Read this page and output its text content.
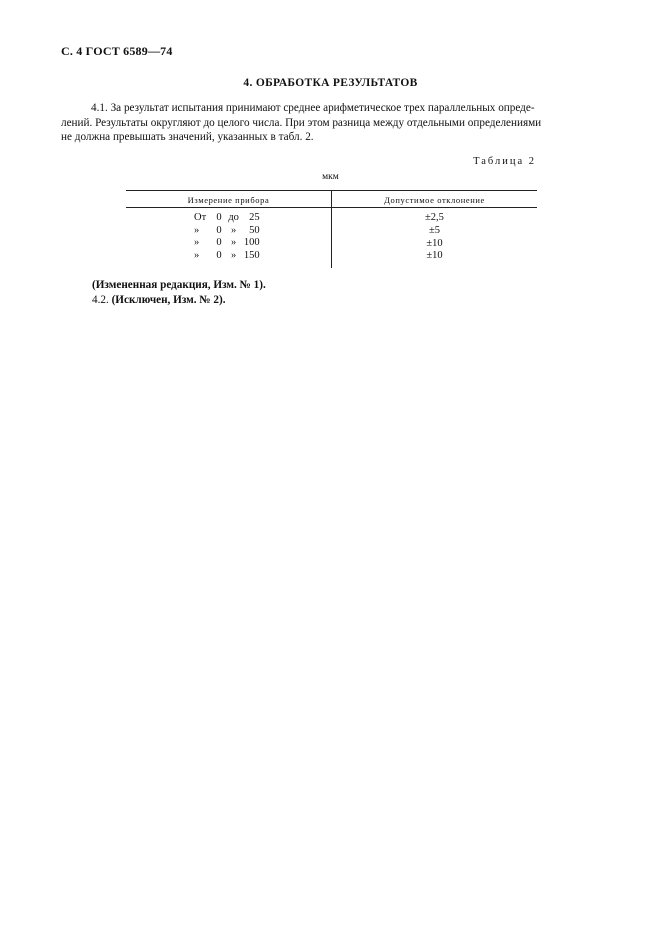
С. 4 ГОСТ 6589—74
4. ОБРАБОТКА РЕЗУЛЬТАТОВ
4.1. За результат испытания принимают среднее арифметическое трех параллельных опреде-
лений. Результаты округляют до целого числа. При этом разница между отдельными определениями
не должна превышать значений, указанных в табл. 2.
Таблица 2
мкм
Измерение прибора	Допустимое отклонение
От 0 до 25
» 0 » 50
» 0 » 100
» 0 » 150
±2,5
±5
±10
±10
(Измененная редакция, Изм. № 1).
4.2. (Исключен, Изм. № 2).
